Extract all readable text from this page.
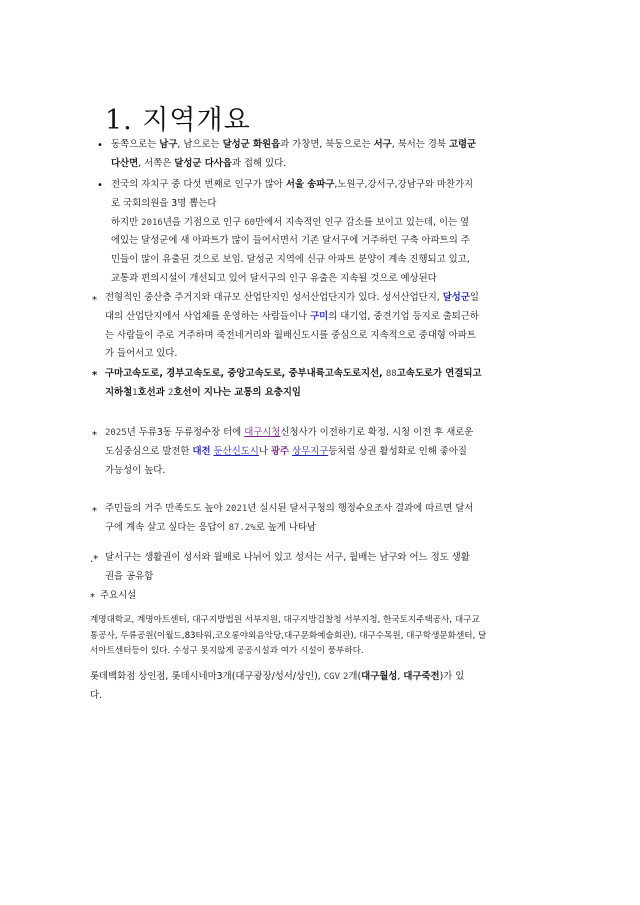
1. 지역개요
• 동쪽으로는 남구, 남으로는 달성군 화원읍과 가창면, 북동으로는 서구, 북서는 경북 고령군

다산면, 서쪽은 달성군 다사읍과 접해 있다.

• 전국의 자치구 중 다섯 번째로 인구가 많아 서울 송파구,노원구,강서구,강남구와 마찬가지

로 국회의원을 3명 뽑는다

하지만 2016년을 기점으로 인구 60만에서 지속적인 인구 감소를 보이고 있는데, 이는 옆

에있는 달성군에 새 아파트가 많이 들어서면서 기존 달서구에 거주하던 구축 아파트의 주

민들이 많이 유출된 것으로 보임. 달성군 지역에 신규 아파트 분양이 계속 진행되고 있고,

교통과 편의시설이 개선되고 있어 달서구의 인구 유출은 지속될 것으로 예상된다

* 전형적인 중산층 주거지와 대규모 산업단지인 성서산업단지가 있다. 성서산업단지, 달성군일

대의 산업단지에서 사업체를 운영하는 사람들이나 구미의 대기업, 중견기업 등지로 출퇴근하

는 사람들이 주로 거주하며 죽전네거리와 월배신도시를 중심으로 지속적으로 중대형 아파트

가 들어서고 있다.

* 구마고속도로, 경부고속도로, 중앙고속도로, 중부내륙고속도로지선, 88고속도로가 연결되고

지하철1호선과 2호선이 지나는 교통의 요충지임

* 2025년 두류3동 두류정수장 터에 대구시청신청사가 이전하기로 확정. 시청 이전 후 새로운

도심중심으로 발전한 대전 둔산신도시나 광주 상무지구등처럼 상권 활성화로 인해 좋아질

가능성이 높다.

* 주민들의 거주 만족도도 높아 2021년 실시된 달서구청의 행정수요조사 결과에 따르면 달서

구에 계속 살고 싶다는 응답이 87.2%로 높게 나타남

.* 달서구는 생활권이 성서와 월배로 나뉘어 있고 성서는 서구, 월배는 남구와 어느 정도 생활

권을 공유함

* 주요시설

계명대학교, 계명아트센터, 대구지방법원 서부지원, 대구지방검찰청 서부지청, 한국토지주택공사, 대구교

통공사, 두류공원(이월드,83타워,코오롱야외음악당,대구문화예술회관), 대구수목원, 대구학생문화센터, 달

서아트센터등이 있다. 수성구 못지않게 공공시설과 여가 시설이 풍부하다.

롯데백화점 상인점, 롯데시네마3개(대구광장/성서/상인), CGV 2개(대구월성, 대구죽전)가 있

다.
